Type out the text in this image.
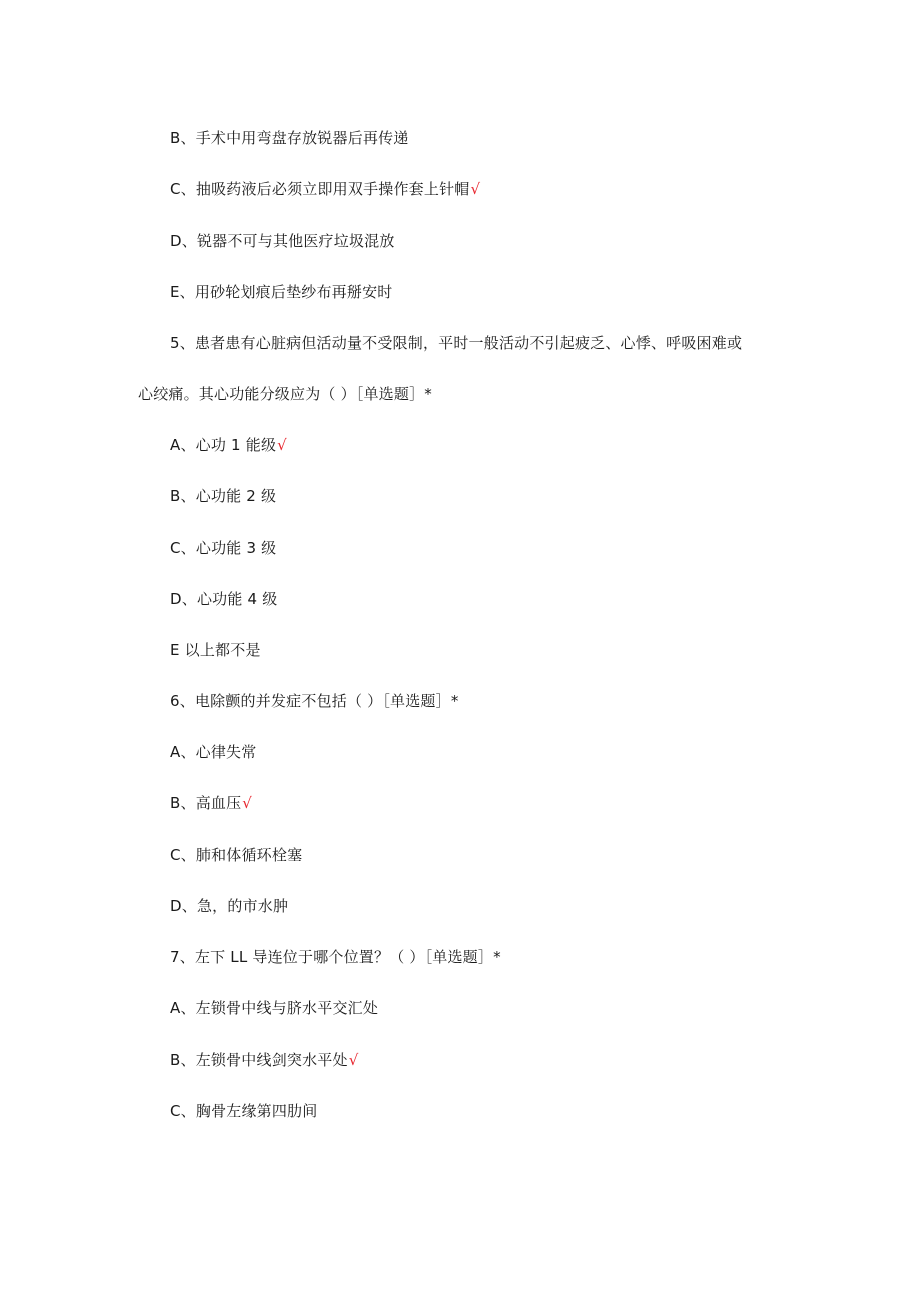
B、手术中用弯盘存放锐器后再传递
C、抽吸药液后必须立即用双手操作套上针帽√
D、锐器不可与其他医疗垃圾混放
E、用砂轮划痕后垫纱布再掰安时
5、患者患有心脏病但活动量不受限制，平时一般活动不引起疲乏、心悸、呼吸困难或
心绞痛。其心功能分级应为（ ）［单选题］*
A、心功 1 能级√
B、心功能 2 级
C、心功能 3 级
D、心功能 4 级
E 以上都不是
6、电除颤的并发症不包括（ ）［单选题］*
A、心律失常
B、高血压√
C、肺和体循环栓塞
D、急，的市水肿
7、左下 LL 导连位于哪个位置？（ ）［单选题］*
A、左锁骨中线与脐水平交汇处
B、左锁骨中线剑突水平处√
C、胸骨左缘第四肋间
